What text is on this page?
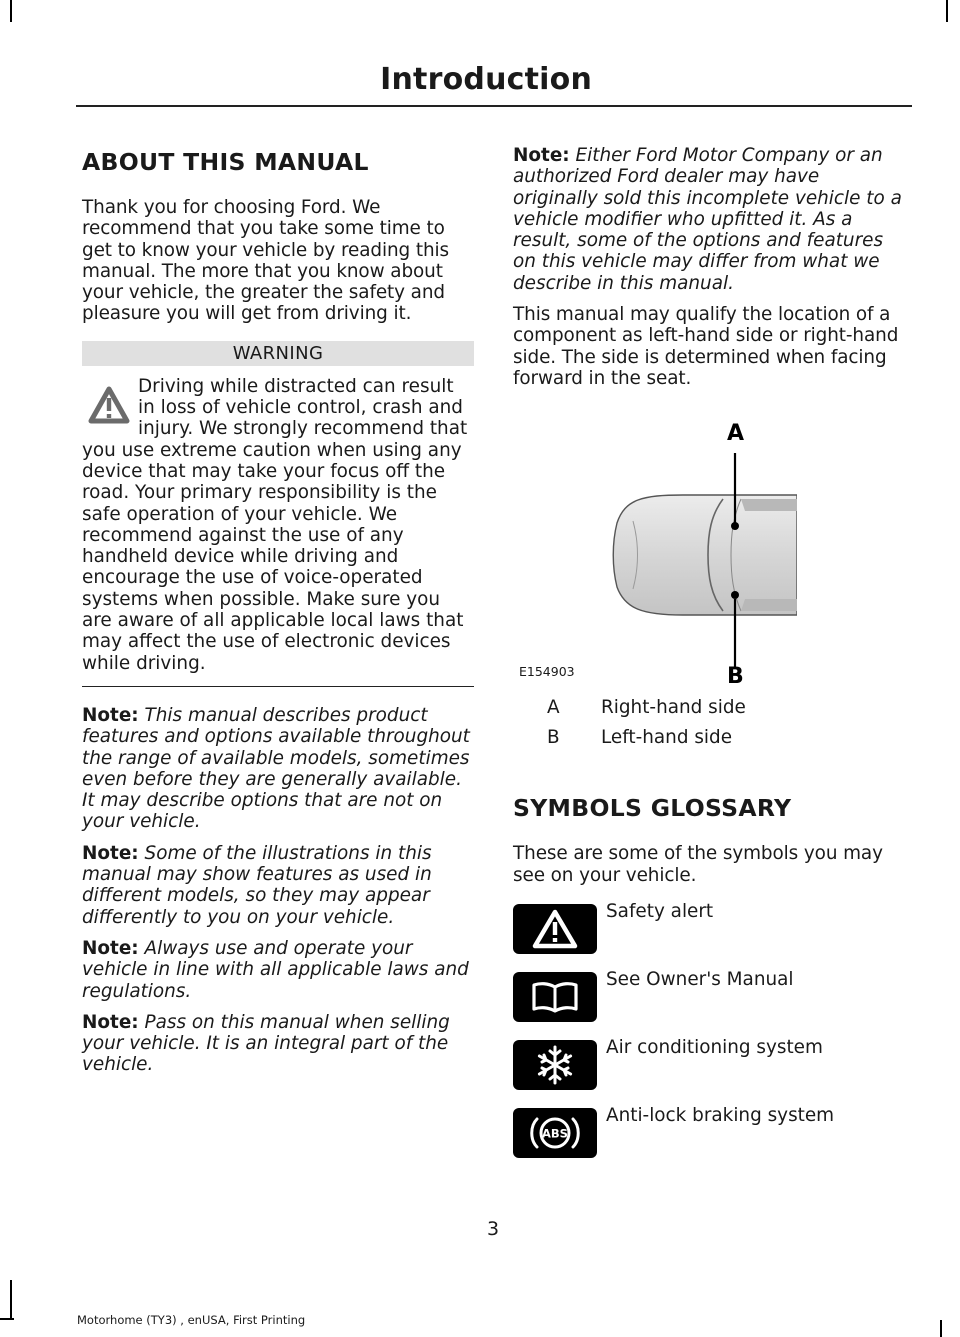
Introduction
ABOUT THIS MANUAL

Thank you for choosing Ford. We recommend that you take some time to get to know your vehicle by reading this manual. The more that you know about your vehicle, the greater the safety and pleasure you will get from driving it.

WARNING
Driving while distracted can result in loss of vehicle control, crash and injury. We strongly recommend that you use extreme caution when using any device that may take your focus off the road. Your primary responsibility is the safe operation of your vehicle. We recommend against the use of any handheld device while driving and encourage the use of voice-operated systems when possible. Make sure you are aware of all applicable local laws that may affect the use of electronic devices while driving.

Note: This manual describes product features and options available throughout the range of available models, sometimes even before they are generally available. It may describe options that are not on your vehicle.

Note: Some of the illustrations in this manual may show features as used in different models, so they may appear differently to you on your vehicle.

Note: Always use and operate your vehicle in line with all applicable laws and regulations.

Note: Pass on this manual when selling your vehicle. It is an integral part of the vehicle.

Note: Either Ford Motor Company or an authorized Ford dealer may have originally sold this incomplete vehicle to a vehicle modifier who upfitted it. As a result, some of the options and features on this vehicle may differ from what we describe in this manual.

This manual may qualify the location of a component as left-hand side or right-hand side. The side is determined when facing forward in the seat.

A
B
E154903
A	Right-hand side
B	Left-hand side
SYMBOLS GLOSSARY

These are some of the symbols you may see on your vehicle.

Safety alert
See Owner's Manual
Air conditioning system
ABS
Anti-lock braking system
3
Motorhome (TY3) , enUSA, First Printing
